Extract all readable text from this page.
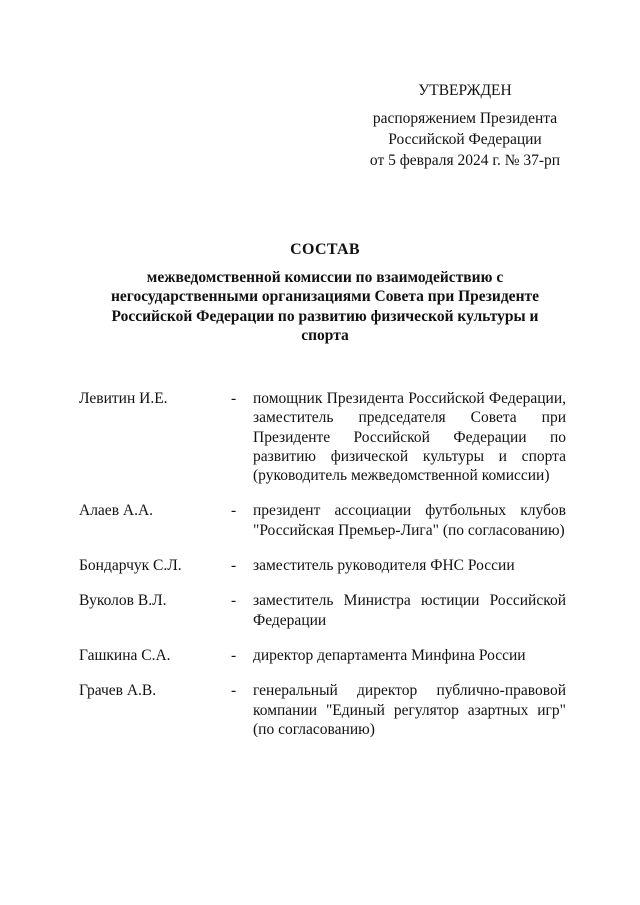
УТВЕРЖДЕН
распоряжением Президента
Российской Федерации
от 5 февраля 2024 г. № 37-рп
СОСТАВ
межведомственной комиссии по взаимодействию с негосударственными организациями Совета при Президенте Российской Федерации по развитию физической культуры и спорта
Левитин И.Е.	-	помощник Президента Российской Федерации, заместитель председателя Совета при Президенте Российской Федерации по развитию физической культуры и спорта (руководитель межведомственной комиссии)
Алаев А.А.	-	президент ассоциации футбольных клубов "Российская Премьер-Лига" (по согласованию)
Бондарчук С.Л.	-	заместитель руководителя ФНС России
Вуколов В.Л.	-	заместитель Министра юстиции Российской Федерации
Гашкина С.А.	-	директор департамента Минфина России
Грачев А.В.	-	генеральный директор публично-правовой компании "Единый регулятор азартных игр" (по согласованию)
